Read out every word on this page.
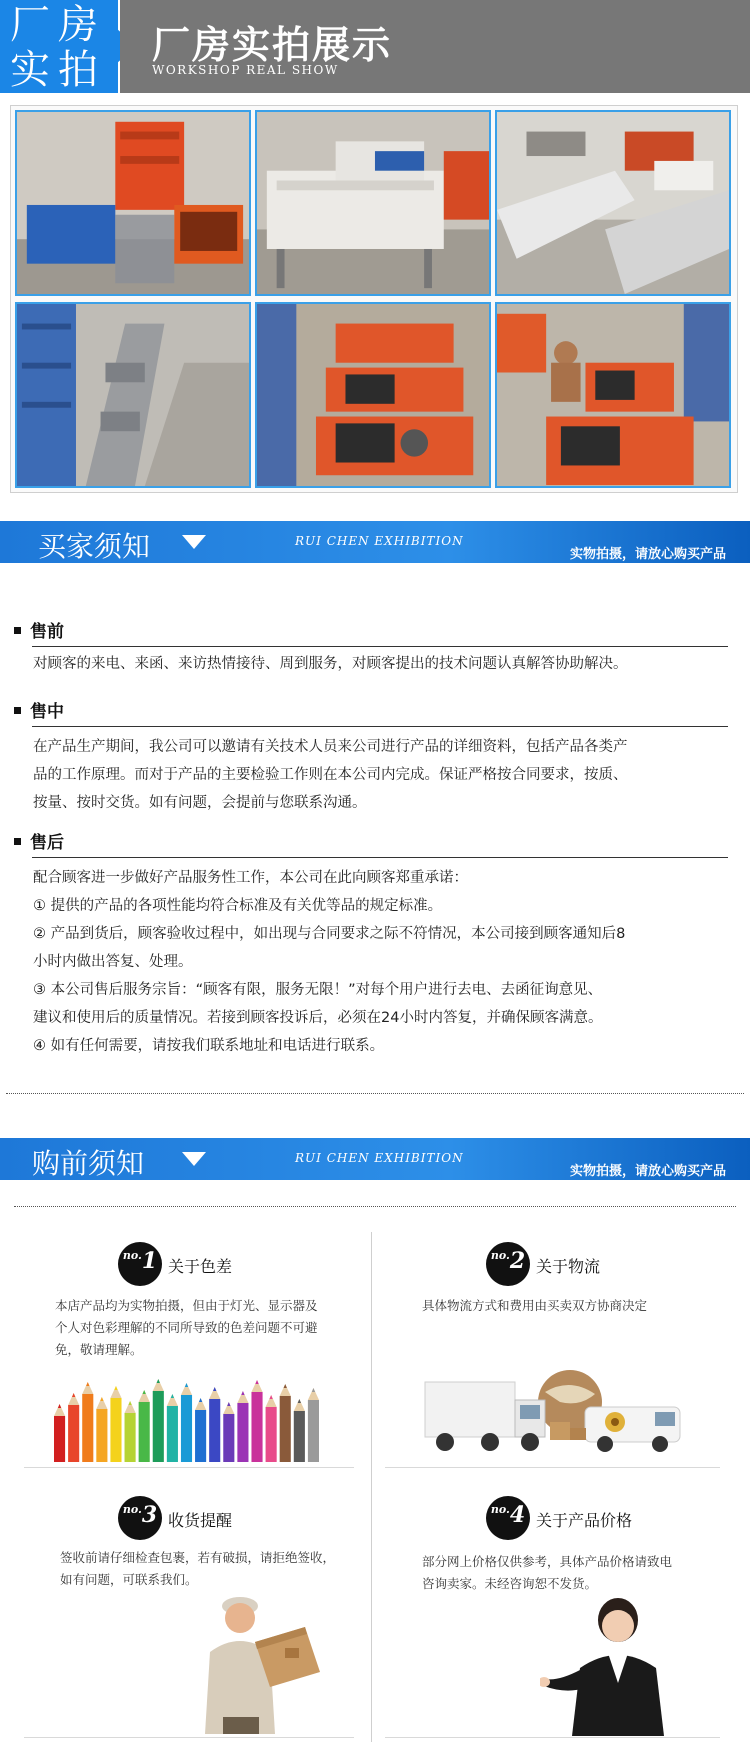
厂 房
实 拍
厂房实拍展示
WORKSHOP REAL SHOW
买家须知	RUI CHEN EXHIBITION
实物拍摄，请放心购买产品
售前
对顾客的来电、来函、来访热情接待、周到服务，对顾客提出的技术问题认真解答协助解决。
售中
在产品生产期间，我公司可以邀请有关技术人员来公司进行产品的详细资料，包括产品各类产
品的工作原理。而对于产品的主要检验工作则在本公司内完成。保证严格按合同要求，按质、
按量、按时交货。如有问题，会提前与您联系沟通。
售后
配合顾客进一步做好产品服务性工作，本公司在此向顾客郑重承诺：
① 提供的产品的各项性能均符合标准及有关优等品的规定标准。
② 产品到货后，顾客验收过程中，如出现与合同要求之际不符情况，本公司接到顾客通知后8
小时内做出答复、处理。
③ 本公司售后服务宗旨：“顾客有限，服务无限！”对每个用户进行去电、去函征询意见、
建议和使用后的质量情况。若接到顾客投诉后，必须在24小时内答复，并确保顾客满意。
④ 如有任何需要，请按我们联系地址和电话进行联系。
购前须知	RUI CHEN EXHIBITION
实物拍摄，请放心购买产品
no.1 关于色差
本店产品均为实物拍摄，但由于灯光、显示器及
个人对色彩理解的不同所导致的色差问题不可避
免，敬请理解。
no.2 关于物流
具体物流方式和费用由买卖双方协商决定
no.3 收货提醒
签收前请仔细检查包裹，若有破损，请拒绝签收，
如有问题，可联系我们。
no.4 关于产品价格
部分网上价格仅供参考，具体产品价格请致电
咨询卖家。未经咨询恕不发货。
